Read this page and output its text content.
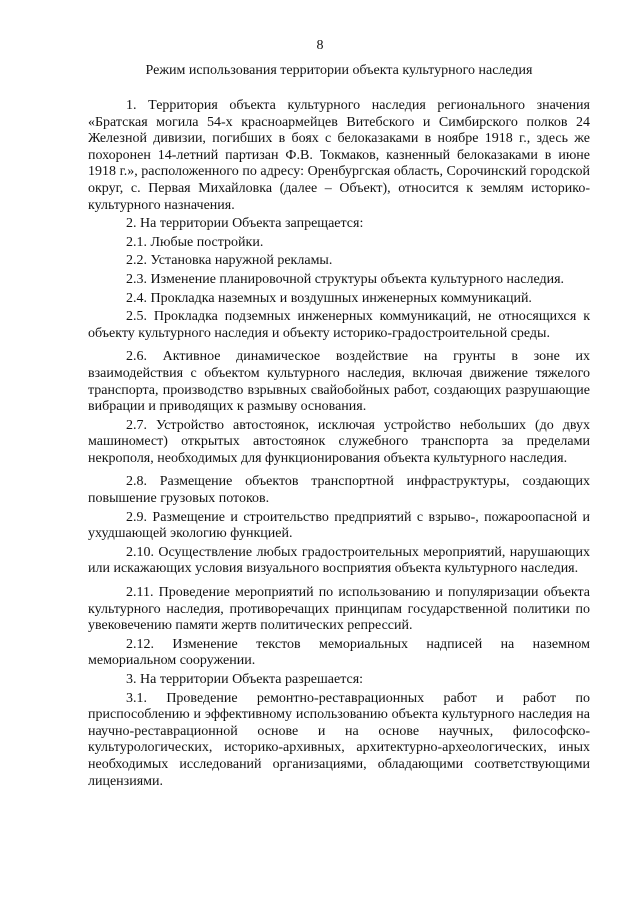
8
Режим использования территории объекта культурного наследия

1. Территория объекта культурного наследия регионального значения «Братская могила 54-х красноармейцев Витебского и Симбирского полков 24 Железной дивизии, погибших в боях с белоказаками в ноябре 1918 г., здесь же похоронен 14-летний партизан Ф.В. Токмаков, казненный белоказаками в июне 1918 г.», расположенного по адресу: Оренбургская область, Сорочинский городской округ, с. Первая Михайловка (далее – Объект), относится к землям историко-культурного назначения.

2. На территории Объекта запрещается:

2.1. Любые постройки.

2.2. Установка наружной рекламы.

2.3. Изменение планировочной структуры объекта культурного наследия.

2.4. Прокладка наземных и воздушных инженерных коммуникаций.

2.5. Прокладка подземных инженерных коммуникаций, не относящихся к объекту культурного наследия и объекту историко-градостроительной среды.

2.6. Активное динамическое воздействие на грунты в зоне их взаимодействия с объектом культурного наследия, включая движение тяжелого транспорта, производство взрывных свайобойных работ, создающих разрушающие вибрации и приводящих к размыву основания.

2.7. Устройство автостоянок, исключая устройство небольших (до двух машиномест) открытых автостоянок служебного транспорта за пределами некрополя, необходимых для функционирования объекта культурного наследия.

2.8. Размещение объектов транспортной инфраструктуры, создающих повышение грузовых потоков.

2.9. Размещение и строительство предприятий с взрыво-, пожароопасной и ухудшающей экологию функцией.

2.10. Осуществление любых градостроительных мероприятий, нарушающих или искажающих условия визуального восприятия объекта культурного наследия.

2.11. Проведение мероприятий по использованию и популяризации объекта культурного наследия, противоречащих принципам государственной политики по увековечению памяти жертв политических репрессий.

2.12. Изменение текстов мемориальных надписей на наземном мемориальном сооружении.

3. На территории Объекта разрешается:

3.1. Проведение ремонтно-реставрационных работ и работ по приспособлению и эффективному использованию объекта культурного наследия на научно-реставрационной основе и на основе научных, философско-культурологических, историко-архивных, архитектурно-археологических, иных необходимых исследований организациями, обладающими соответствующими лицензиями.
